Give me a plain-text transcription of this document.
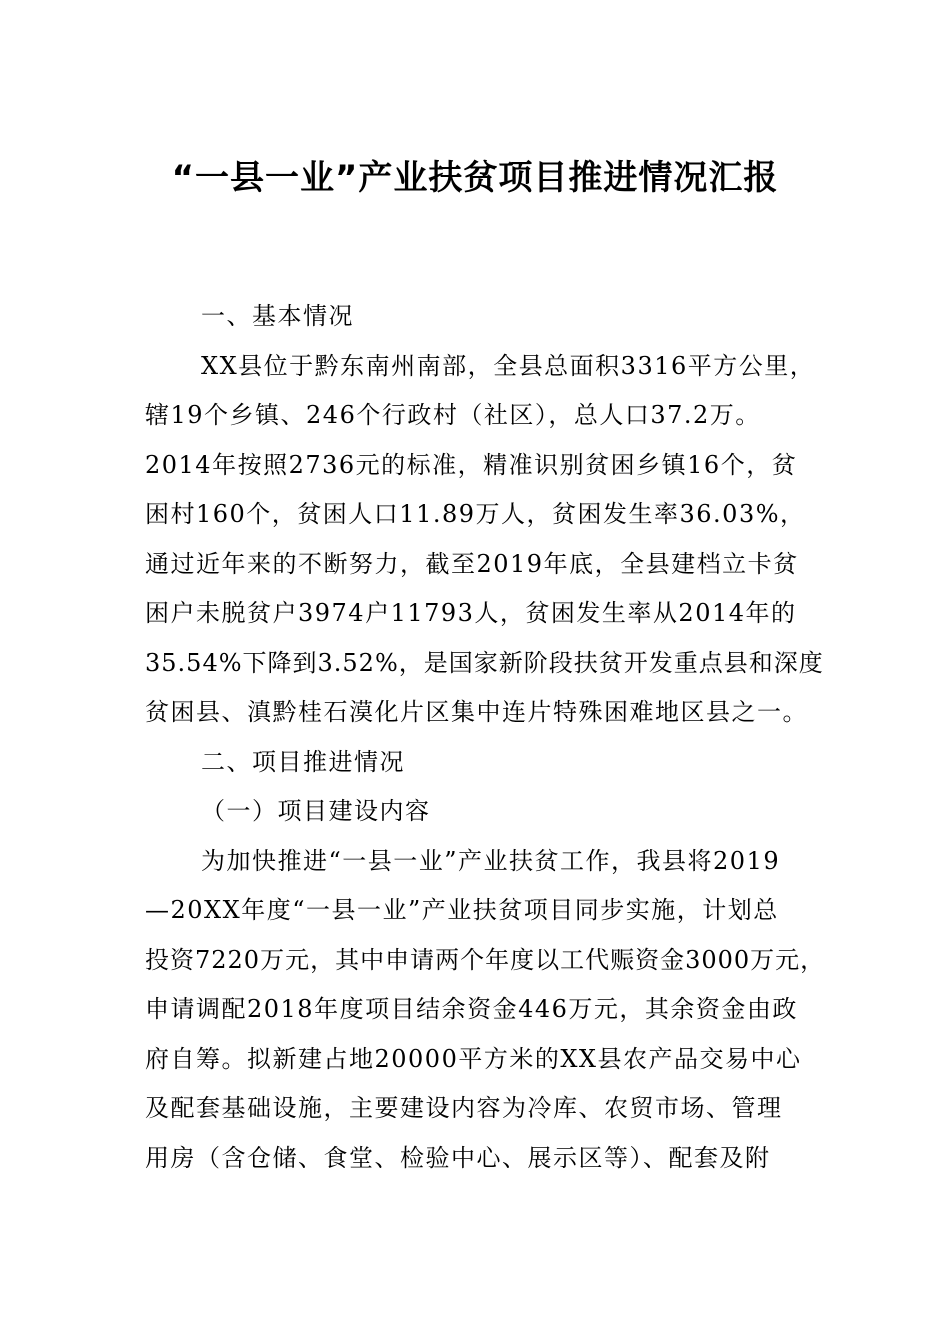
“一县一业”产业扶贫项目推进情况汇报
一、基本情况
XX县位于黔东南州南部，全县总面积3316平方公里，
辖19个乡镇、246个行政村（社区），总人口37.2万。
2014年按照2736元的标准，精准识别贫困乡镇16个，贫
困村160个，贫困人口11.89万人，贫困发生率36.03%，
通过近年来的不断努力，截至2019年底，全县建档立卡贫
困户未脱贫户3974户11793人，贫困发生率从2014年的
35.54%下降到3.52%，是国家新阶段扶贫开发重点县和深度
贫困县、滇黔桂石漠化片区集中连片特殊困难地区县之一。
二、项目推进情况
（一）项目建设内容
为加快推进“一县一业”产业扶贫工作，我县将2019
—20XX年度“一县一业”产业扶贫项目同步实施，计划总
投资7220万元，其中申请两个年度以工代赈资金3000万元，
申请调配2018年度项目结余资金446万元，其余资金由政
府自筹。拟新建占地20000平方米的XX县农产品交易中心
及配套基础设施，主要建设内容为冷库、农贸市场、管理
用房（含仓储、食堂、检验中心、展示区等）、配套及附
